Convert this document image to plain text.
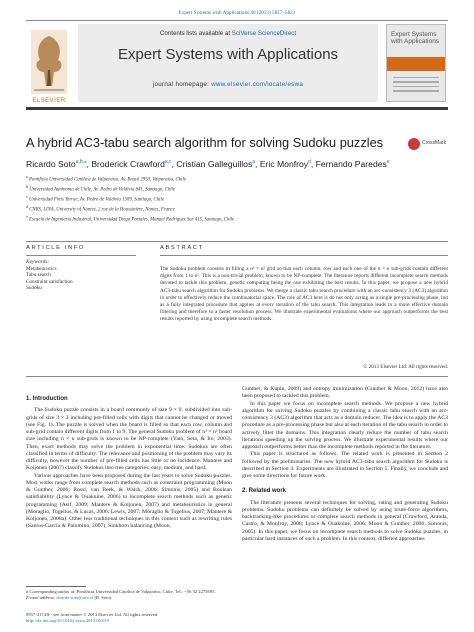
Expert Systems with Applications 40 (2013) 5817–5821
ELSEVIER
Contents lists available at SciVerse ScienceDirect
Expert Systems with Applications
journal homepage: www.elsevier.com/locate/eswa
Expert Systems with Applications
A hybrid AC3-tabu search algorithm for solving Sudoku puzzles	CrossMark
Ricardo Soto$^{a,b,⁎}$, Broderick Crawford$^{a,c}$, Cristian Galleguillos$^a$, Eric Monfroy$^d$, Fernando Paredes$^e$
$^a$ Pontificia Universidad Católica de Valparaíso, Av. Brasil 2950, Valparaíso, Chile
$^b$ Universidad Autónoma de Chile, Av. Pedro de Valdivia 641, Santiago, Chile
$^c$ Universidad Finis Terrae, Av. Pedro de Valdivia 1509, Santiago, Chile
$^d$ CNRS, LINA, University of Nantes, 2 rue de la Houssinière, Nantes, France
$^e$ Escuela de Ingeniería Industrial, Universidad Diego Portales, Manuel Rodríguez Sur 415, Santiago, Chile
ARTICLE INFO	ABSTRACT
Keywords:
Metaheuristics
Tabu search
Constraint satisfaction
Sudoku
The Sudoku problem consists in filling a n² × n² grid so that each column, row and each one of the n × n sub-grids contain different digits from 1 to n². This is a non-trivial problem, known to be NP-complete. The literature reports different incomplete search methods devoted to tackle this problem, genetic computing being the one exhibiting the best results. In this paper, we propose a new hybrid AC3-tabu search algorithm for Sudoku problems. We merge a classic tabu search procedure with an arc-consistency 3 (AC3) algorithm in order to effectively reduce the combinatorial space. The role of AC3 here is do not only acting as a single pre-processing phase, but as a fully integrated procedure that applies at every iteration of the tabu search. This integration leads to a more effective domain filtering and therefore to a faster resolution process. We illustrate experimental evaluations where our approach outperforms the best results reported by using incomplete search methods.
© 2013 Elsevier Ltd. All rights reserved.
1. Introduction

The Sudoku puzzle consists in a board commonly of size 9 × 9, subdivided into sub-grids of size 3 × 3 including pre-filled cells with digits that cannot be changed or moved (see Fig. 1). The puzzle is solved when the board is filled so that each row, column and sub-grid contain different digits from 1 to 9. The general Sudoku problem of n² × n² board size including n × n sub-grids is known to be NP-complete (Yato, Seta, & Ito, 2003). Then, exact methods may solve the problem in exponential time. Sudokus are often classified in terms of difficulty. The relevance and positioning of the problem may vary its difficulty, however the number of pre-filled cells has little or no incidence. Mantere and Koljonen (2007) classify Sudokus into tree categories: easy, medium, and hard.

Various approaches have been proposed during the last years to solve Sudoku puzzles. Most works range from complete search methods such as constraint programming (Moon & Gunther, 2006; Rossi, van Beek, & Walsh, 2006; Simonis, 2005) and Boolean satisfiability (Lynce & Ouaknine, 2006) to incomplete search methods such as genetic programming (Asif, 2009; Mantere & Koljonen, 2007) and metaheuristics in general (Moraglio, Togelius, & Lucas, 2006; Lewis, 2007; Moraglio & Togelius, 2007; Mantere & Koljonen, 2008a). Other less traditional techniques in this context such as rewriting rules (Santos-García & Palomino, 2007), Sinkhorn balancing (Moon,

Gunther, & Kupin, 2009) and entropy minimization (Gunther & Moon, 2012) have also been proposed to tackled this problem.

In this paper we focus on incomplete search methods. We propose a new hybrid algorithm for solving Sudoku puzzles by combining a classic tabu search with an arc-consistency 3 (AC3) algorithm that acts as a domain reducer. The idea is to apply the AC3 procedure as a pre-processing phase but also at each iteration of the tabu search in order to actively filter the domains. This integration clearly reduce the number of tabu search iterations speeding up the solving process. We illustrate experimental results where our approach outperforms better than the incomplete methods reported in the literature.

This paper is structured as follows. The related work is presented in Section 2 followed by the preliminaries. The new hybrid AC3-tabu search algorithm for Sudoku is described in Section 4. Experiments are illustrated in Section 5. Finally, we conclude and give some directions for future work.

2. Related work

The literature presents several techniques for solving, rating and generating Sudoku problems. Sudoku problems can definitely be solved by using brute-force algorithms, backtracking-like procedures or complete search methods in general (Crawford, Aranda, Castro, & Monfroy, 2008; Lynce & Ouaknine, 2006; Moon & Gunther, 2006; Simonis, 2005). In this paper, we focus on incomplete search methods to solve Sudoku puzzles, in particular hard instances of such a problem. In this context, different approaches

⁎ Corresponding author at: Pontificia Universidad Católica de Valparaíso, Chile. Tel.: +56 32 2273695.
E-mail address: ricardo.soto@ucv.cl (R. Soto).
0957-4174/$ - see front matter © 2013 Elsevier Ltd. All rights reserved.
http://dx.doi.org/10.1016/j.eswa.2013.05.019
